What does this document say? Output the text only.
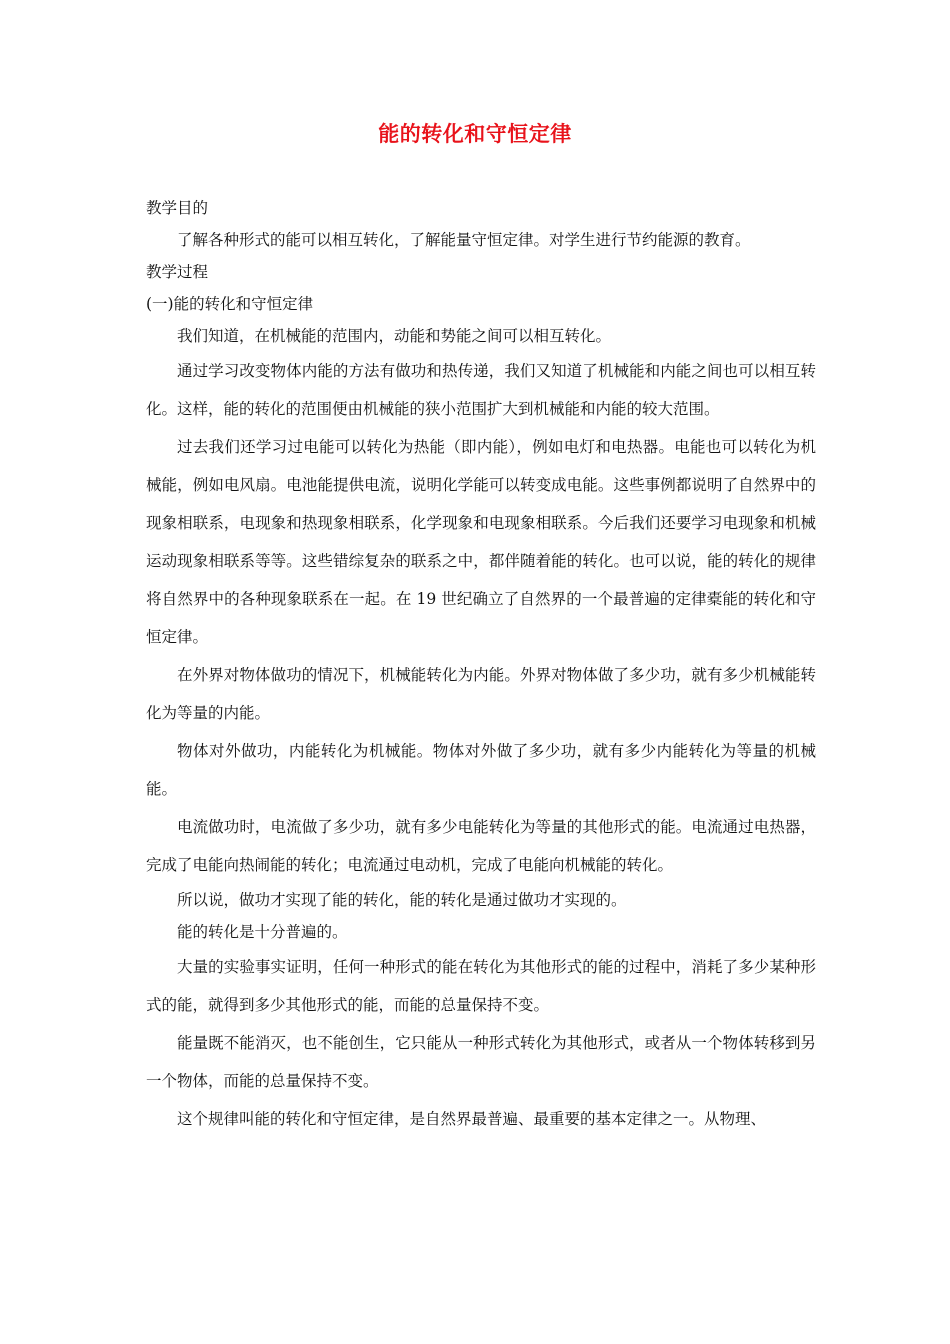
能的转化和守恒定律

教学目的

了解各种形式的能可以相互转化，了解能量守恒定律。对学生进行节约能源的教育。

教学过程

(一)能的转化和守恒定律

我们知道，在机械能的范围内，动能和势能之间可以相互转化。

通过学习改变物体内能的方法有做功和热传递，我们又知道了机械能和内能之间也可以相互转化。这样，能的转化的范围便由机械能的狭小范围扩大到机械能和内能的较大范围。

过去我们还学习过电能可以转化为热能（即内能），例如电灯和电热器。电能也可以转化为机械能，例如电风扇。电池能提供电流，说明化学能可以转变成电能。这些事例都说明了自然界中的现象相联系，电现象和热现象相联系，化学现象和电现象相联系。今后我们还要学习电现象和机械运动现象相联系等等。这些错综复杂的联系之中，都伴随着能的转化。也可以说，能的转化的规律将自然界中的各种现象联系在一起。在 19 世纪确立了自然界的一个最普遍的定律橐能的转化和守恒定律。

在外界对物体做功的情况下，机械能转化为内能。外界对物体做了多少功，就有多少机械能转化为等量的内能。

物体对外做功，内能转化为机械能。物体对外做了多少功，就有多少内能转化为等量的机械能。

电流做功时，电流做了多少功，就有多少电能转化为等量的其他形式的能。电流通过电热器，完成了电能向热闹能的转化；电流通过电动机，完成了电能向机械能的转化。

所以说，做功才实现了能的转化，能的转化是通过做功才实现的。

能的转化是十分普遍的。

大量的实验事实证明，任何一种形式的能在转化为其他形式的能的过程中，消耗了多少某种形式的能，就得到多少其他形式的能，而能的总量保持不变。

能量既不能消灭，也不能创生，它只能从一种形式转化为其他形式，或者从一个物体转移到另一个物体，而能的总量保持不变。

这个规律叫能的转化和守恒定律，是自然界最普遍、最重要的基本定律之一。从物理、
